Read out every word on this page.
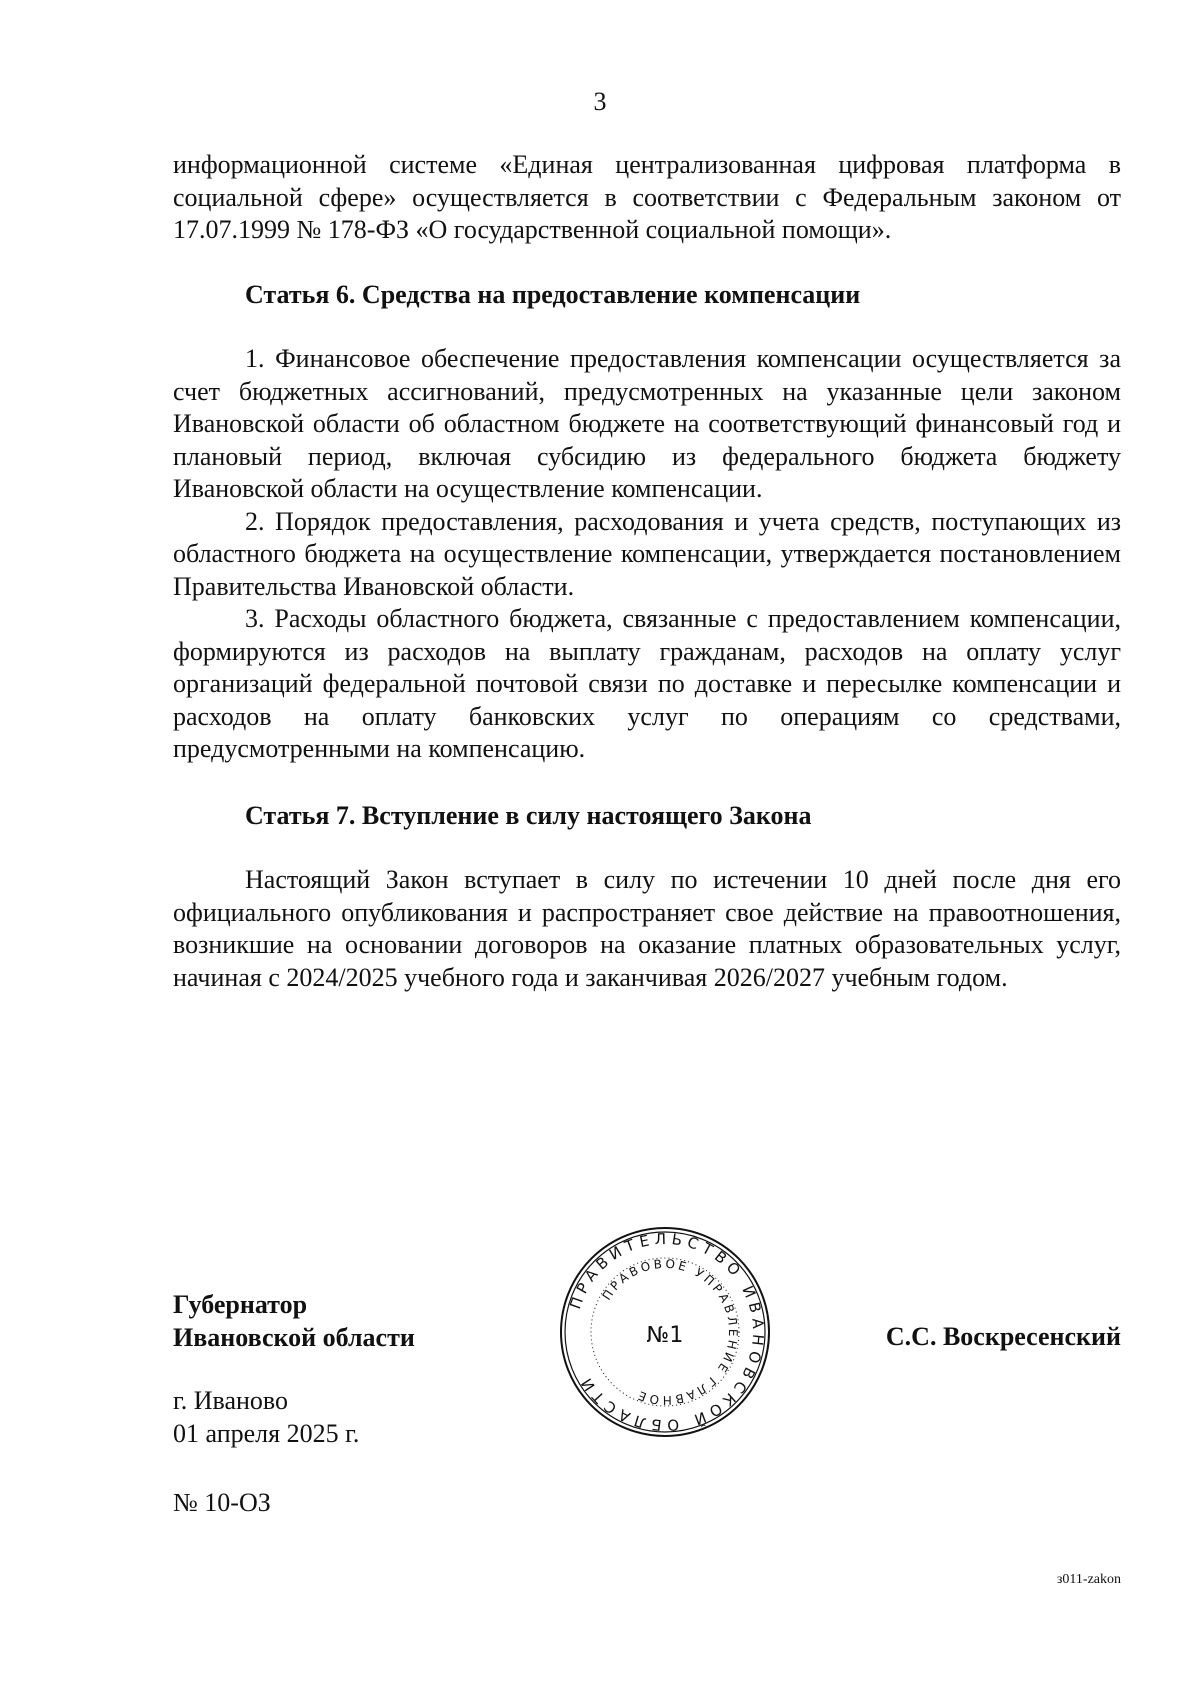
3

информационной системе «Единая централизованная цифровая платформа в социальной сфере» осуществляется в соответствии с Федеральным законом от 17.07.1999 № 178-ФЗ «О государственной социальной помощи».

Статья 6. Средства на предоставление компенсации

1. Финансовое обеспечение предоставления компенсации осуществляется за счет бюджетных ассигнований, предусмотренных на указанные цели законом Ивановской области об областном бюджете на соответствующий финансовый год и плановый период, включая субсидию из федерального бюджета бюджету Ивановской области на осуществление компенсации.

2. Порядок предоставления, расходования и учета средств, поступающих из областного бюджета на осуществление компенсации, утверждается постановлением Правительства Ивановской области.

3. Расходы областного бюджета, связанные с предоставлением компенсации, формируются из расходов на выплату гражданам, расходов на оплату услуг организаций федеральной почтовой связи по доставке и пересылке компенсации и расходов на оплату банковских услуг по операциям со средствами, предусмотренными на компенсацию.

Статья 7. Вступление в силу настоящего Закона

Настоящий Закон вступает в силу по истечении 10 дней после дня его официального опубликования и распространяет свое действие на правоотношения, возникшие на основании договоров на оказание платных образовательных услуг, начиная с 2024/2025 учебного года и заканчивая 2026/2027 учебным годом.

ПРАВИТЕЛЬСТВО ИВАНОВСКОЙ ОБЛАСТИ
ПРАВОВОЕ УПРАВЛЕНИЕ ГЛАВНОЕ
№1
Губернатор
Ивановской области	С.С. Воскресенский
г. Иваново
01 апреля 2025 г.
№ 10-ОЗ
з011-zakon
